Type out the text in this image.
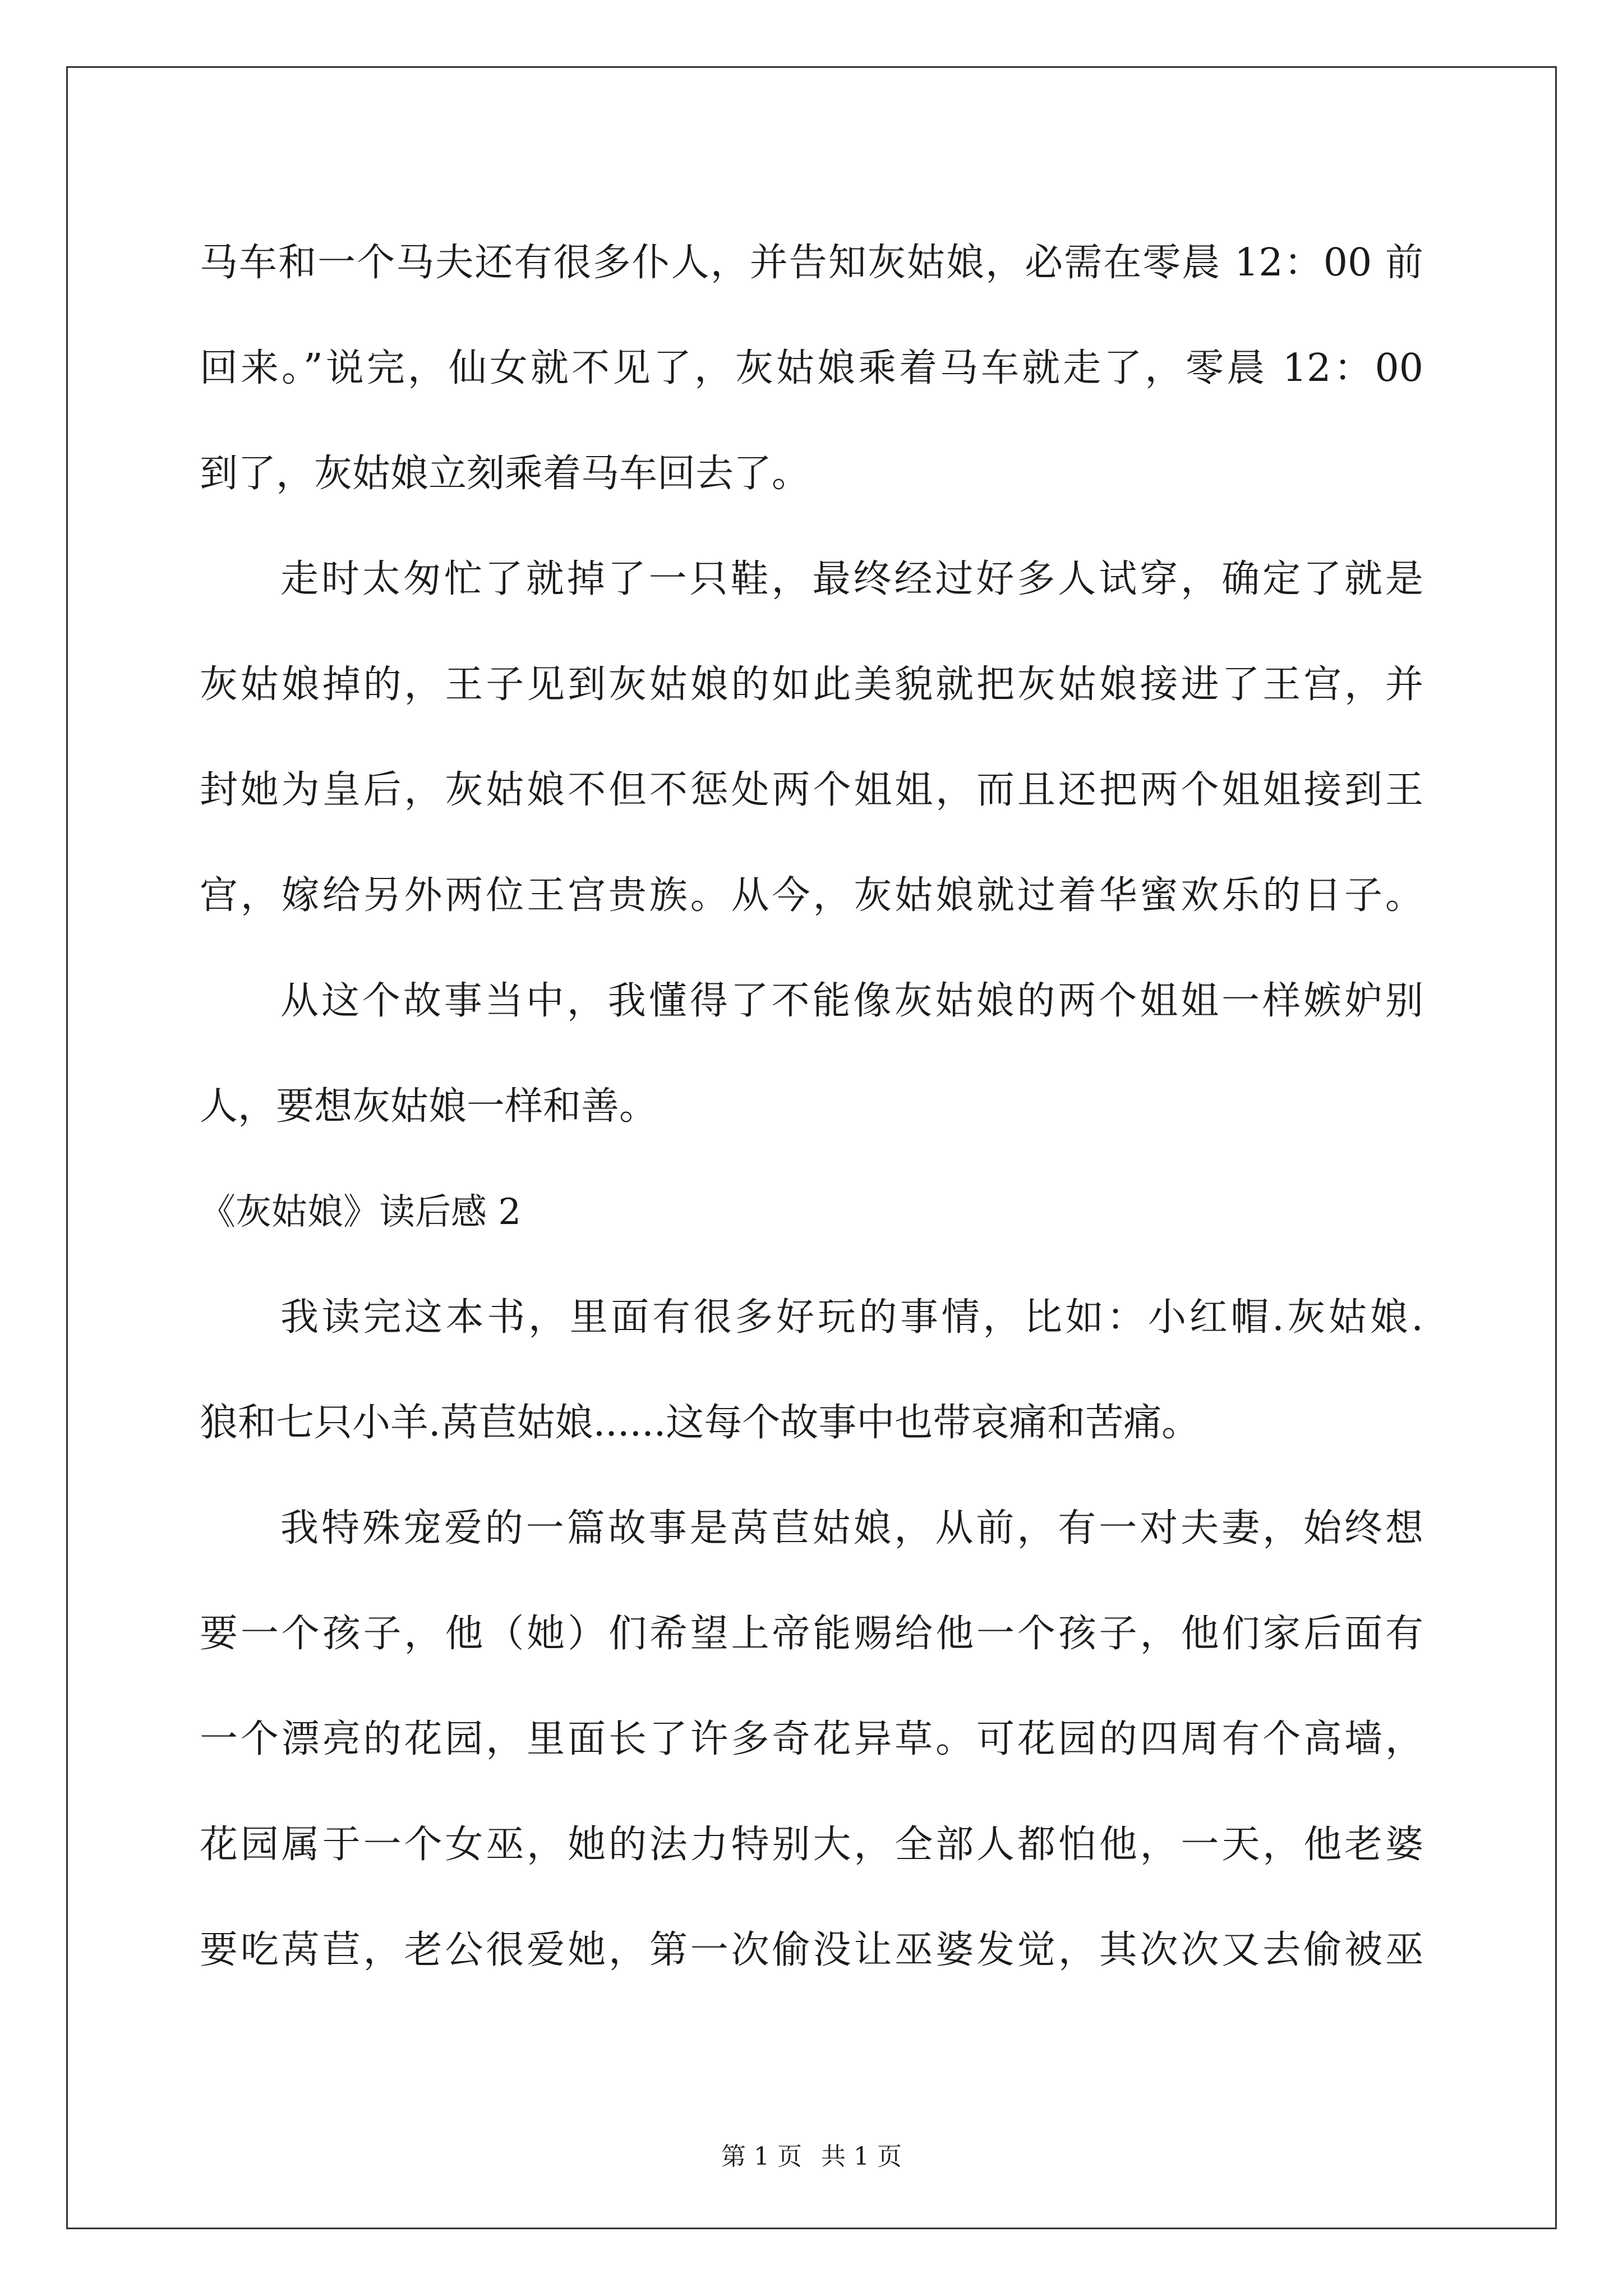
马车和一个马夫还有很多仆人，并告知灰姑娘，必需在零晨 12：00 前
回来。”说完，仙女就不见了，灰姑娘乘着马车就走了，零晨 12：00
到了，灰姑娘立刻乘着马车回去了。
走时太匆忙了就掉了一只鞋，最终经过好多人试穿，确定了就是
灰姑娘掉的，王子见到灰姑娘的如此美貌就把灰姑娘接进了王宫，并
封她为皇后，灰姑娘不但不惩处两个姐姐，而且还把两个姐姐接到王
宫，嫁给另外两位王宫贵族。从今，灰姑娘就过着华蜜欢乐的日子。
从这个故事当中，我懂得了不能像灰姑娘的两个姐姐一样嫉妒别
人，要想灰姑娘一样和善。
《灰姑娘》读后感 2
我读完这本书，里面有很多好玩的事情，比如：小红帽.灰姑娘.
狼和七只小羊.莴苣姑娘......这每个故事中也带哀痛和苦痛。
我特殊宠爱的一篇故事是莴苣姑娘，从前，有一对夫妻，始终想
要一个孩子，他（她）们希望上帝能赐给他一个孩子，他们家后面有
一个漂亮的花园，里面长了许多奇花异草。可花园的四周有个高墙，
花园属于一个女巫，她的法力特别大，全部人都怕他，一天，他老婆
要吃莴苣，老公很爱她，第一次偷没让巫婆发觉，其次次又去偷被巫
第 1 页 共 1 页
